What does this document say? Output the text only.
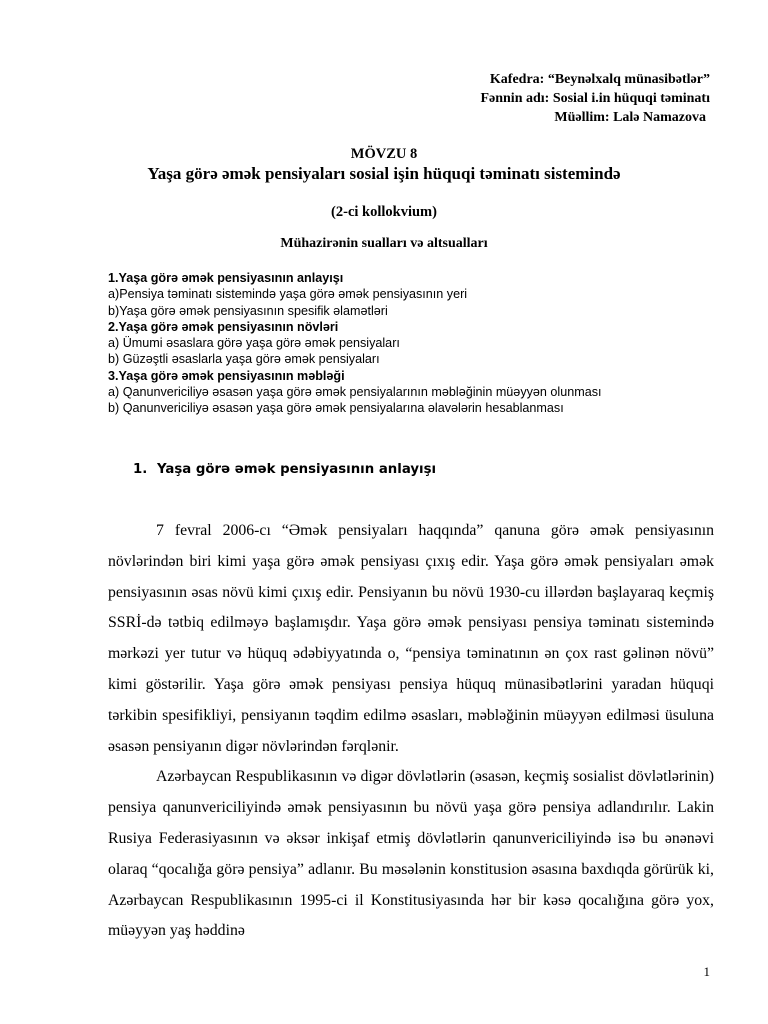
Kafedra: “Beynəlxalq münasibətlər”
Fənnin adı: Sosial i.in hüquqi təminatı
Müəllim: Lalə Namazova
MÖVZU 8
Yaşa görə əmək pensiyaları sosial işin hüquqi təminatı sistemində
(2-ci kollokvium)
Mühazirənin sualları və altsualları
1.Yaşa görə əmək pensiyasının anlayışı
a)Pensiya təminatı sistemində yaşa görə əmək pensiyasının yeri
b)Yaşa görə əmək pensiyasının spesifik əlamətləri
2.Yaşa görə əmək pensiyasının növləri
a) Ümumi əsaslara görə yaşa görə əmək pensiyaları
b) Güzəştli əsaslarla yaşa görə əmək pensiyaları
3.Yaşa görə əmək pensiyasının məbləği
a) Qanunvericiliyə əsasən yaşa görə əmək pensiyalarının məbləğinin müəyyən olunması
b) Qanunvericiliyə əsasən yaşa görə əmək pensiyalarına əlavələrin hesablanması
1. Yaşa görə əmək pensiyasının anlayışı

7 fevral 2006-cı “Əmək pensiyaları haqqında” qanuna görə əmək pensiyasının növlərindən biri kimi yaşa görə əmək pensiyası çıxış edir. Yaşa görə əmək pensiyaları əmək pensiyasının əsas növü kimi çıxış edir. Pensiyanın bu növü 1930-cu illərdən başlayaraq keçmiş SSRİ-də tətbiq edilməyə başlamışdır. Yaşa görə əmək pensiyası pensiya təminatı sistemində mərkəzi yer tutur və hüquq ədəbiyyatında o, “pensiya təminatının ən çox rast gəlinən növü” kimi göstərilir. Yaşa görə əmək pensiyası pensiya hüquq münasibətlərini yaradan hüquqi tərkibin spesifikliyi, pensiyanın təqdim edilmə əsasları, məbləğinin müəyyən edilməsi üsuluna əsasən pensiyanın digər növlərindən fərqlənir.

Azərbaycan Respublikasının və digər dövlətlərin (əsasən, keçmiş sosialist dövlətlərinin) pensiya qanunvericiliyində əmək pensiyasının bu növü yaşa görə pensiya adlandırılır. Lakin Rusiya Federasiyasının və əksər inkişaf etmiş dövlətlərin qanunvericiliyində isə bu ənənəvi olaraq “qocalığa görə pensiya” adlanır. Bu məsələnin konstitusion əsasına baxdıqda görürük ki, Azərbaycan Respublikasının 1995-ci il Konstitusiyasında hər bir kəsə qocalığına görə yox, müəyyən yaş həddinə

1
